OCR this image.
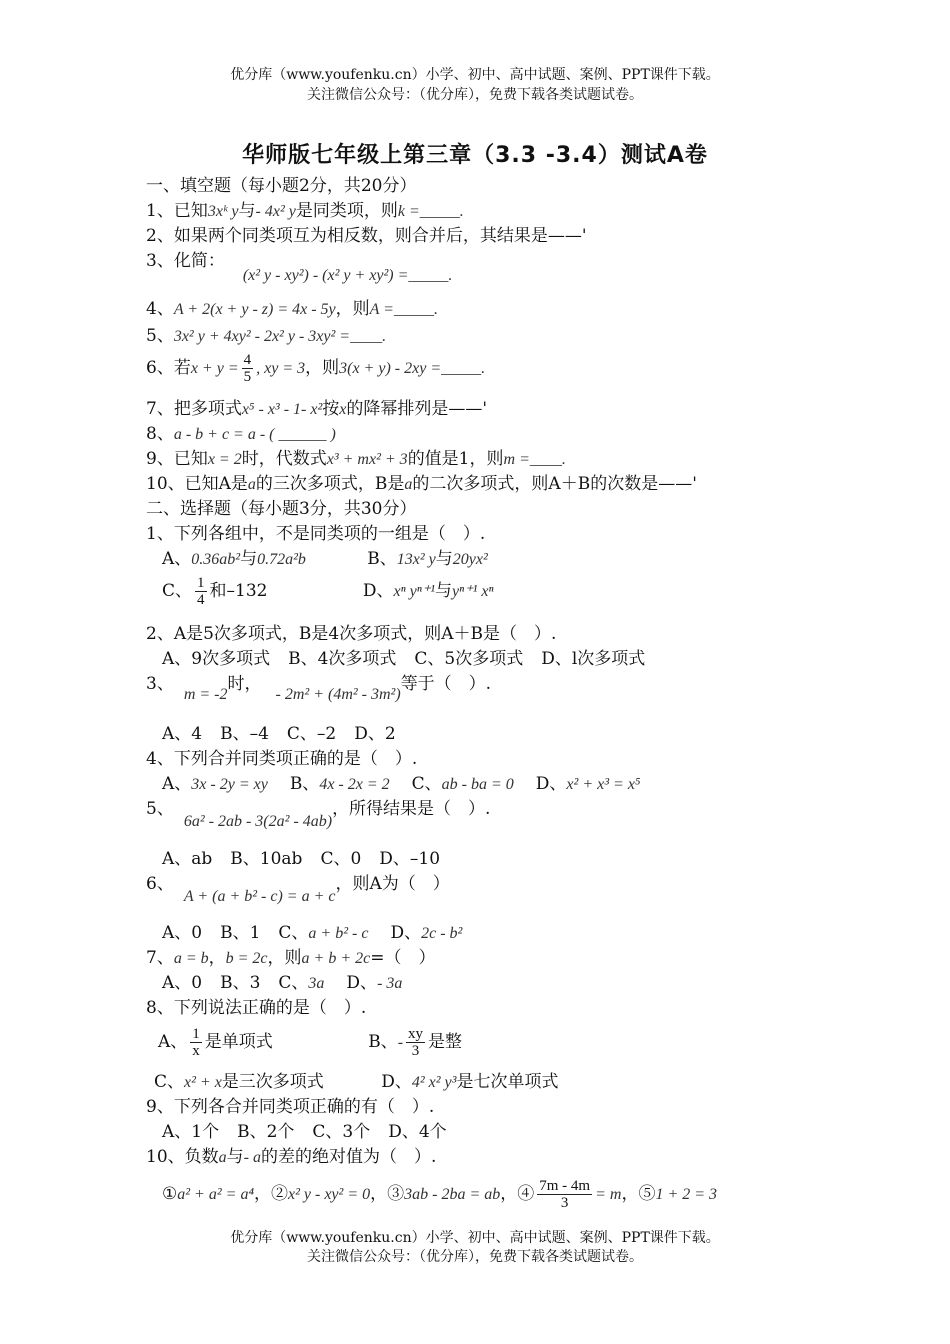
优分库（www.youfenku.cn）小学、初中、高中试题、案例、PPT课件下载。
关注微信公众号：（优分库），免费下载各类试题试卷。
华师版七年级上第三章（3.3 -3.4）测试A卷
一、填空题（每小题2分，共20分）
1、已知3xᵏ y与- 4x² y是同类项，则k =_____.
2、如果两个同类项互为相反数，则合并后，其结果是——'
3、化简：(x² y - xy²) - (x² y + xy²) =_____.
4、A + 2(x + y - z) = 4x - 5y，则A =_____.
5、3x² y + 4xy² - 2x² y - 3xy² =____.
6、若$x + y = \frac{4}{5}$ , xy = 3，则3(x + y) - 2xy =_____.
7、把多项式x⁵ - x³ - 1- x²按x的降幂排列是——'
8、a - b + c = a - ( ______ )
9、已知x = 2时，代数式x³ + mx² + 3的值是1，则m =____.
10、已知A是a的三次多项式，B是a的二次多项式，则A＋B的次数是——'
二、选择题（每小题3分，共30分）
1、下列各组中，不是同类项的一组是（　）.
A、0.36ab²与0.72a²b	B、13x² y与20yx²
C、 $\frac{1}{4}$ 和–132	D、xⁿ yⁿ⁺¹与yⁿ⁺¹ xⁿ
2、A是5次多项式，B是4次多项式，则A＋B是（　）.
A、9次多项式 B、4次多项式 C、5次多项式 D、l次多项式
3、m = -2时，- 2m² + (4m² - 3m²)等于（　）.
A、4 B、–4 C、–2 D、2
4、下列合并同类项正确的是（　）.
A、3x - 2y = xy B、4x - 2x = 2 C、ab - ba = 0 D、x² + x³ = x⁵
5、6a² - 2ab - 3(2a² - 4ab)，所得结果是（　）.
A、ab B、10ab C、0 D、–10
6、A + (a + b² - c) = a + c，则A为（　）
A、0 B、1 C、a + b² - c D、2c - b²
7、a = b，b = 2c，则a + b + 2c=（　）
A、0 B、3 C、3a D、- 3a
8、下列说法正确的是（　）.
A、 $\frac{1}{x}$ 是单项式	B、- $\frac{xy}{3}$ 是整
C、x² + x是三次多项式	D、4² x² y³是七次单项式
9、下列各合并同类项正确的有（　）.
A、1个 B、2个 C、3个 D、4个
10、负数a与- a的差的绝对值为（　）.
①a² + a² = a⁴，②x² y - xy² = 0，③3ab - 2ba = ab，④ $\frac{7m - 4m}{3} = m$，⑤1 + 2 = 3
优分库（www.youfenku.cn）小学、初中、高中试题、案例、PPT课件下载。
关注微信公众号：（优分库），免费下载各类试题试卷。
